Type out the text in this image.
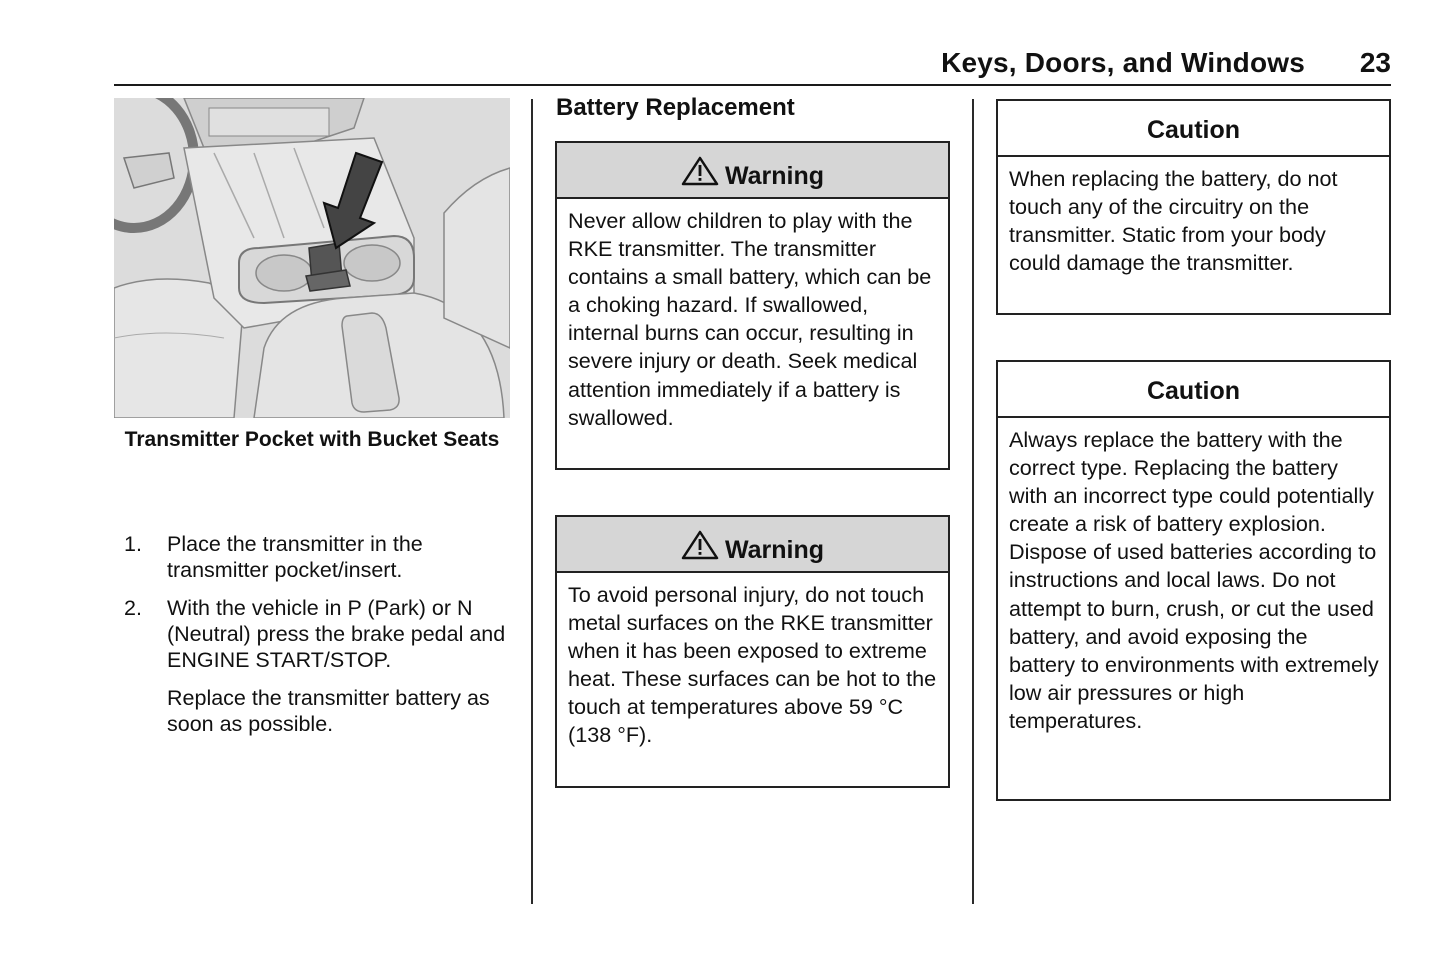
Keys, Doors, and Windows 23
Transmitter Pocket with Bucket Seats
1. Place the transmitter in the transmitter pocket/insert.
2. With the vehicle in P (Park) or N (Neutral) press the brake pedal and ENGINE START/STOP.
Replace the transmitter battery as soon as possible.
Battery Replacement
Warning
Never allow children to play with the RKE transmitter. The transmitter contains a small battery, which can be a choking hazard. If swallowed, internal burns can occur, resulting in severe injury or death. Seek medical attention immediately if a battery is swallowed.
Warning
To avoid personal injury, do not touch metal surfaces on the RKE transmitter when it has been exposed to extreme heat. These surfaces can be hot to the touch at temperatures above 59 °C (138 °F).
Caution
When replacing the battery, do not touch any of the circuitry on the transmitter. Static from your body could damage the transmitter.
Caution
Always replace the battery with the correct type. Replacing the battery with an incorrect type could potentially create a risk of battery explosion. Dispose of used batteries according to instructions and local laws. Do not attempt to burn, crush, or cut the used battery, and avoid exposing the battery to environments with extremely low air pressures or high temperatures.
